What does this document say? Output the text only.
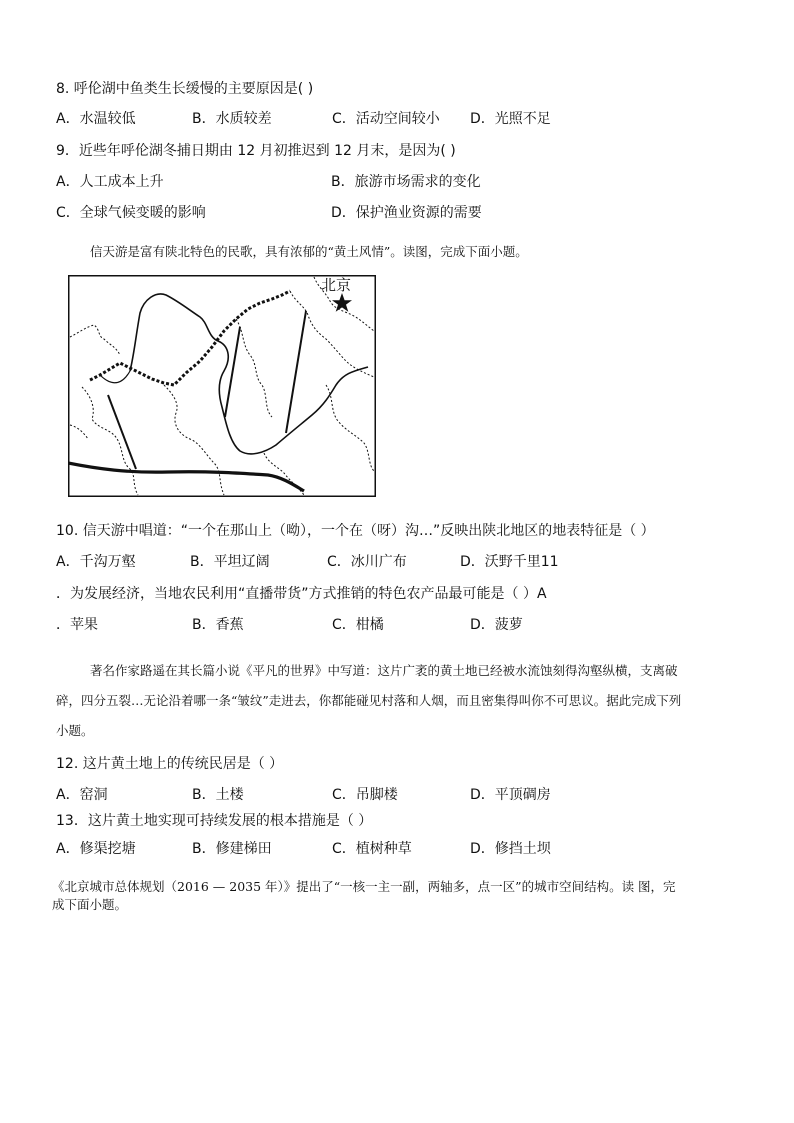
8. 呼伦湖中鱼类生长缓慢的主要原因是( )
A．水温较低	B．水质较差	C．活动空间较小 D．光照不足
9．近些年呼伦湖冬捕日期由 12 月初推迟到 12 月末，是因为( )
A．人工成本上升	B．旅游市场需求的变化
C．全球气候变暖的影响	D．保护渔业资源的需要
信天游是富有陕北特色的民歌，具有浓郁的“黄土风情”。读图，完成下面小题。
北京
10. 信天游中唱道：“一个在那山上（呦），一个在（呀）沟…”反映出陕北地区的地表特征是（ ）
A．千沟万壑	B．平坦辽阔	C．冰川广布	D．沃野千里11
．为发展经济，当地农民利用“直播带货”方式推销的特色农产品最可能是（ ）A
．苹果	B．香蕉	C．柑橘	D．菠萝
著名作家路遥在其长篇小说《平凡的世界》中写道：这片广袤的黄土地已经被水流蚀刻得沟壑纵横，支离破
碎，四分五裂…无论沿着哪一条“皱纹”走进去，你都能碰见村落和人烟，而且密集得叫你不可思议。据此完成下列
小题。
12. 这片黄土地上的传统民居是（ ）
A．窑洞	B．土楼	C．吊脚楼	D．平顶碉房
13．这片黄土地实现可持续发展的根本措施是（ ）
A．修渠挖塘	B．修建梯田	C．植树种草	D．修挡土坝
《北京城市总体规划（2016 — 2035 年）》提出了“一核一主一副，两轴多，点一区”的城市空间结构。读 图，完
成下面小题。
